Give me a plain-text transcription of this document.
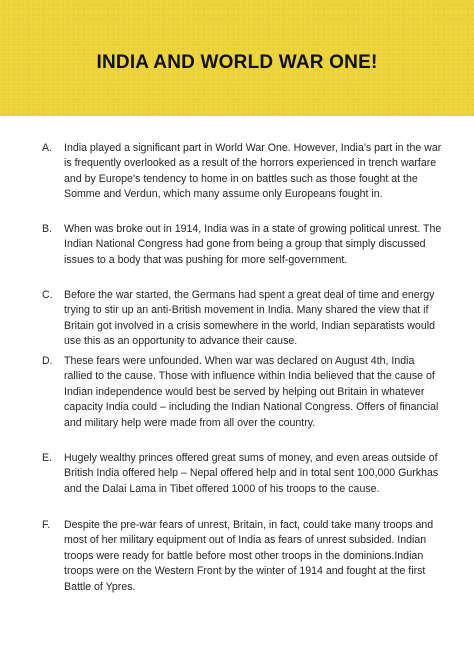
INDIA AND WORLD WAR ONE!
A.	India played a significant part in World War One. However, India’s part in the war is frequently overlooked as a result of the horrors experienced in trench warfare and by Europe’s tendency to home in on battles such as those fought at the Somme and Verdun, which many assume only Europeans fought in.
B.	When was broke out in 1914, India was in a state of growing political unrest. The Indian National Congress had gone from being a group that simply discussed issues to a body that was pushing for more self-government.
C.	Before the war started, the Germans had spent a great deal of time and energy trying to stir up an anti-British movement in India. Many shared the view that if Britain got involved in a crisis somewhere in the world, Indian separatists would use this as an opportunity to advance their cause.
D.	These fears were unfounded. When war was declared on August 4th, India rallied to the cause. Those with influence within India believed that the cause of Indian independence would best be served by helping out Britain in whatever capacity India could – including the Indian National Congress. Offers of financial and military help were made from all over the country.
E.	Hugely wealthy princes offered great sums of money, and even areas outside of British India offered help – Nepal offered help and in total sent 100,000 Gurkhas and the Dalai Lama in Tibet offered 1000 of his troops to the cause.
F.	Despite the pre-war fears of unrest, Britain, in fact, could take many troops and most of her military equipment out of India as fears of unrest subsided. Indian troops were ready for battle before most other troops in the dominions.Indian troops were on the Western Front by the winter of 1914 and fought at the first Battle of Ypres.
